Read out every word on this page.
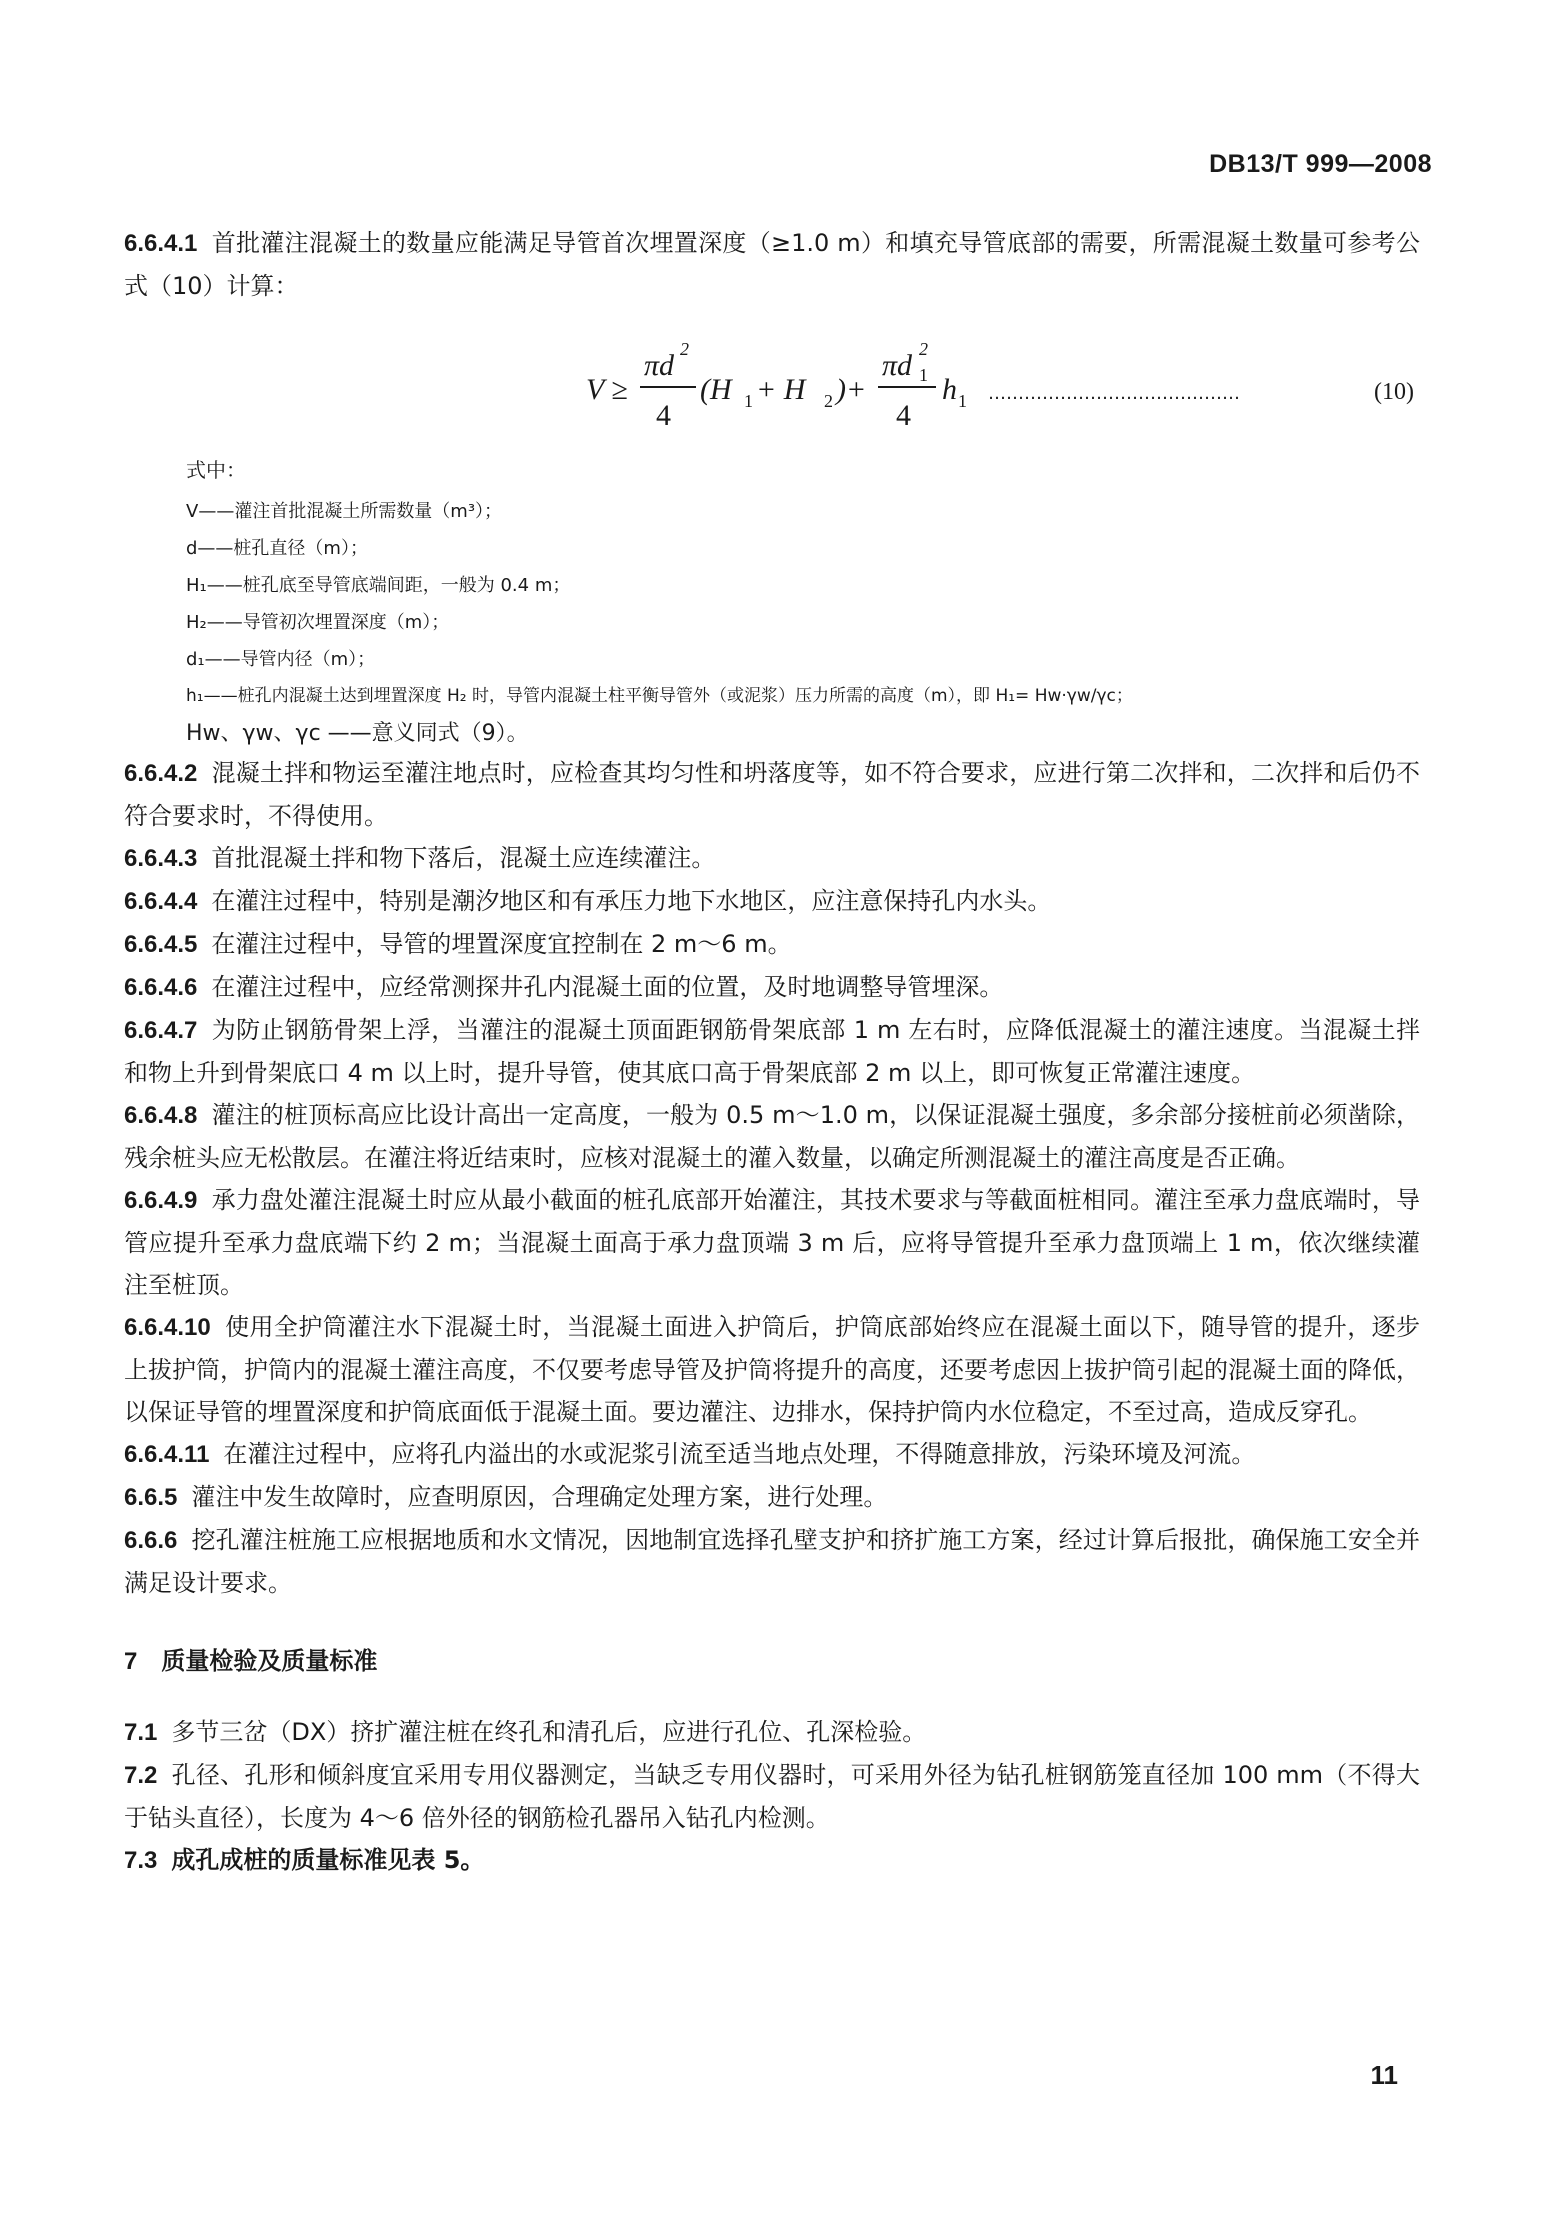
DB13/T 999—2008

6.6.4.1 首批灌注混凝土的数量应能满足导管首次埋置深度（≥1.0 m）和填充导管底部的需要，所需混凝土数量可参考公式（10）计算：

V ≥
πd 2
4
(H 1 + H 2 )+
πd 1
2
4
h 1 ……………………………………	(10)
式中：
V——灌注首批混凝土所需数量（m³）；
d——桩孔直径（m）；
H₁——桩孔底至导管底端间距，一般为 0.4 m；
H₂——导管初次埋置深度（m）；
d₁——导管内径（m）；
h₁——桩孔内混凝土达到埋置深度 H₂ 时，导管内混凝土柱平衡导管外（或泥浆）压力所需的高度（m），即 H₁= Hw·γw/γc；
Hw、γw、γc ——意义同式（9）。

6.6.4.2 混凝土拌和物运至灌注地点时，应检查其均匀性和坍落度等，如不符合要求，应进行第二次拌和，二次拌和后仍不符合要求时，不得使用。

6.6.4.3 首批混凝土拌和物下落后，混凝土应连续灌注。

6.6.4.4 在灌注过程中，特别是潮汐地区和有承压力地下水地区，应注意保持孔内水头。

6.6.4.5 在灌注过程中，导管的埋置深度宜控制在 2 m～6 m。

6.6.4.6 在灌注过程中，应经常测探井孔内混凝土面的位置，及时地调整导管埋深。

6.6.4.7 为防止钢筋骨架上浮，当灌注的混凝土顶面距钢筋骨架底部 1 m 左右时，应降低混凝土的灌注速度。当混凝土拌和物上升到骨架底口 4 m 以上时，提升导管，使其底口高于骨架底部 2 m 以上，即可恢复正常灌注速度。

6.6.4.8 灌注的桩顶标高应比设计高出一定高度，一般为 0.5 m～1.0 m，以保证混凝土强度，多余部分接桩前必须凿除，残余桩头应无松散层。在灌注将近结束时，应核对混凝土的灌入数量，以确定所测混凝土的灌注高度是否正确。

6.6.4.9 承力盘处灌注混凝土时应从最小截面的桩孔底部开始灌注，其技术要求与等截面桩相同。灌注至承力盘底端时，导管应提升至承力盘底端下约 2 m；当混凝土面高于承力盘顶端 3 m 后，应将导管提升至承力盘顶端上 1 m，依次继续灌注至桩顶。

6.6.4.10 使用全护筒灌注水下混凝土时，当混凝土面进入护筒后，护筒底部始终应在混凝土面以下，随导管的提升，逐步上拔护筒，护筒内的混凝土灌注高度，不仅要考虑导管及护筒将提升的高度，还要考虑因上拔护筒引起的混凝土面的降低，以保证导管的埋置深度和护筒底面低于混凝土面。要边灌注、边排水，保持护筒内水位稳定，不至过高，造成反穿孔。

6.6.4.11 在灌注过程中，应将孔内溢出的水或泥浆引流至适当地点处理，不得随意排放，污染环境及河流。

6.6.5 灌注中发生故障时，应查明原因，合理确定处理方案，进行处理。

6.6.6 挖孔灌注桩施工应根据地质和水文情况，因地制宜选择孔壁支护和挤扩施工方案，经过计算后报批，确保施工安全并满足设计要求。

7 质量检验及质量标准

7.1 多节三岔（DX）挤扩灌注桩在终孔和清孔后，应进行孔位、孔深检验。

7.2 孔径、孔形和倾斜度宜采用专用仪器测定，当缺乏专用仪器时，可采用外径为钻孔桩钢筋笼直径加 100 mm（不得大于钻头直径），长度为 4～6 倍外径的钢筋检孔器吊入钻孔内检测。

7.3 成孔成桩的质量标准见表 5。

11
